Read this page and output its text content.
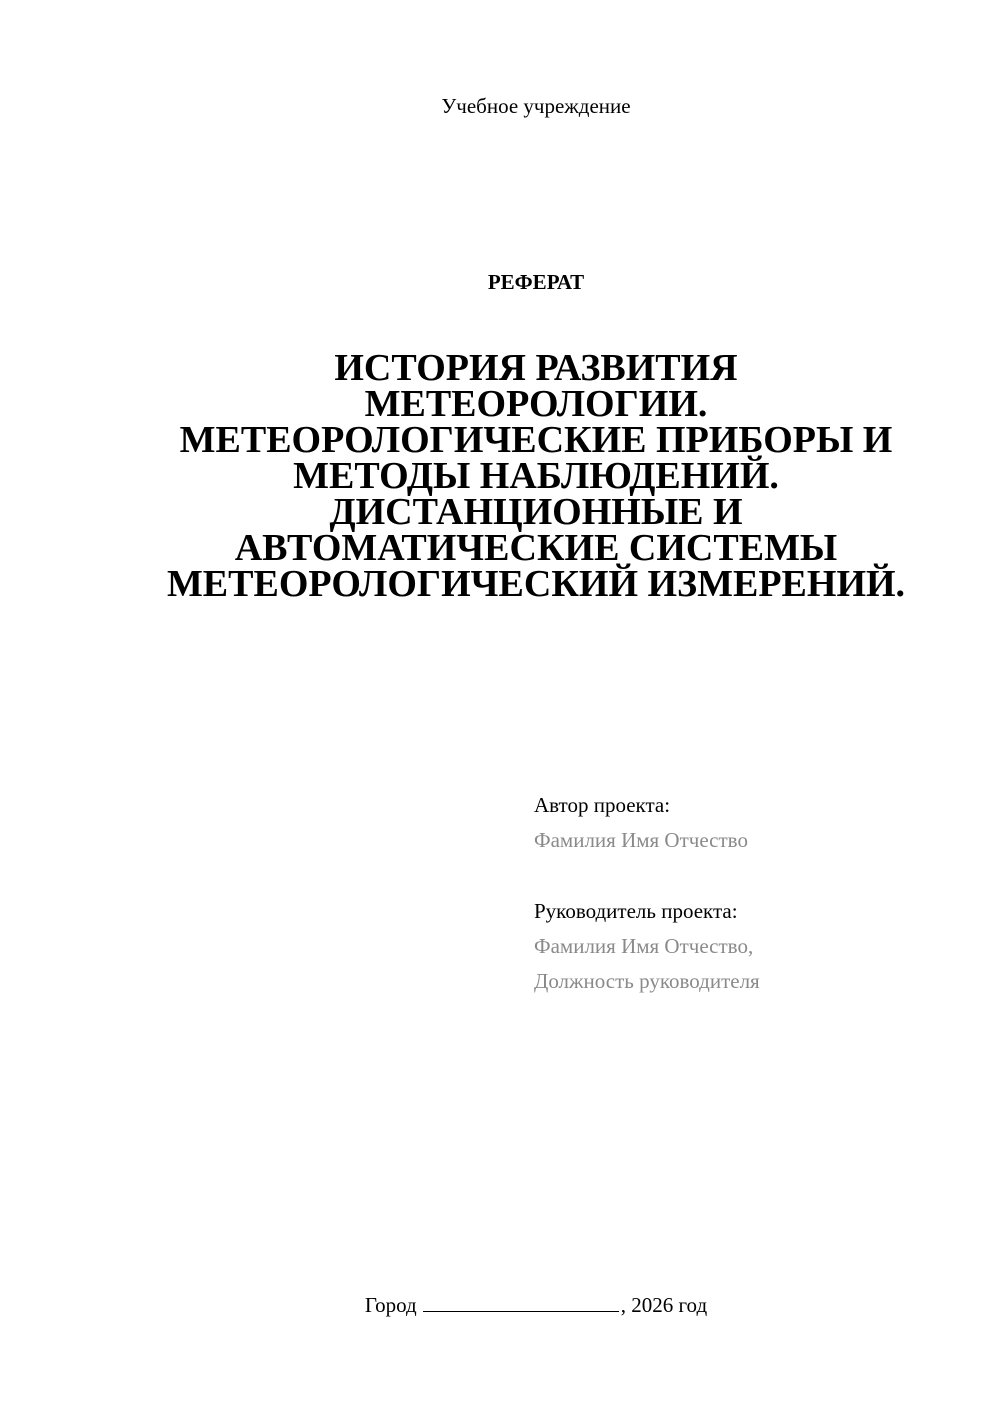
Учебное учреждение
РЕФЕРАТ
ИСТОРИЯ РАЗВИТИЯ
МЕТЕОРОЛОГИИ.
МЕТЕОРОЛОГИЧЕСКИЕ ПРИБОРЫ И
МЕТОДЫ НАБЛЮДЕНИЙ.
ДИСТАНЦИОННЫЕ И
АВТОМАТИЧЕСКИЕ СИСТЕМЫ
МЕТЕОРОЛОГИЧЕСКИЙ ИЗМЕРЕНИЙ.
Автор проекта:
Фамилия Имя Отчество
Руководитель проекта:
Фамилия Имя Отчество,
Должность руководителя
Город	, 2026 год
